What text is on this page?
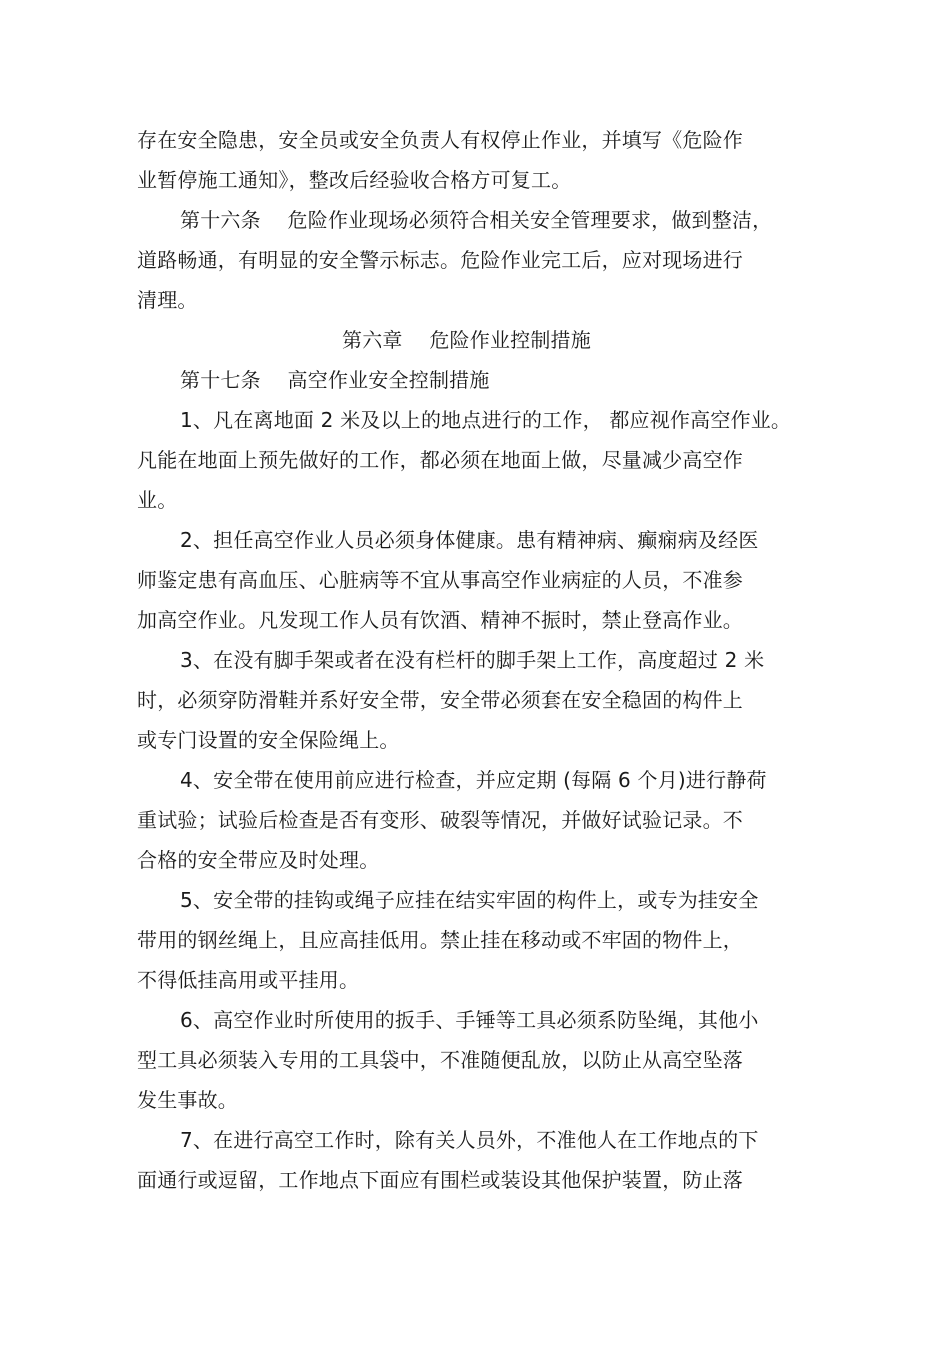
存在安全隐患，安全员或安全负责人有权停止作业，并填写《危险作
业暂停施工通知》，整改后经验收合格方可复工。
第十六条　 危险作业现场必须符合相关安全管理要求，做到整洁，
道路畅通，有明显的安全警示标志。危险作业完工后，应对现场进行
清理。
第六章　 危险作业控制措施
第十七条　 高空作业安全控制措施
1、凡在离地面 2 米及以上的地点进行的工作， 都应视作高空作业。
凡能在地面上预先做好的工作，都必须在地面上做，尽量减少高空作
业。
2、担任高空作业人员必须身体健康。患有精神病、癫痫病及经医
师鉴定患有高血压、心脏病等不宜从事高空作业病症的人员，不准参
加高空作业。凡发现工作人员有饮酒、精神不振时，禁止登高作业。
3、在没有脚手架或者在没有栏杆的脚手架上工作，高度超过 2 米
时，必须穿防滑鞋并系好安全带，安全带必须套在安全稳固的构件上
或专门设置的安全保险绳上。
4、安全带在使用前应进行检查，并应定期 (每隔 6 个月)进行静荷
重试验；试验后检查是否有变形、破裂等情况，并做好试验记录。不
合格的安全带应及时处理。
5、安全带的挂钩或绳子应挂在结实牢固的构件上，或专为挂安全
带用的钢丝绳上，且应高挂低用。禁止挂在移动或不牢固的物件上，
不得低挂高用或平挂用。
6、高空作业时所使用的扳手、手锤等工具必须系防坠绳，其他小
型工具必须装入专用的工具袋中，不准随便乱放，以防止从高空坠落
发生事故。
7、在进行高空工作时，除有关人员外，不准他人在工作地点的下
面通行或逗留，工作地点下面应有围栏或装设其他保护装置，防止落
